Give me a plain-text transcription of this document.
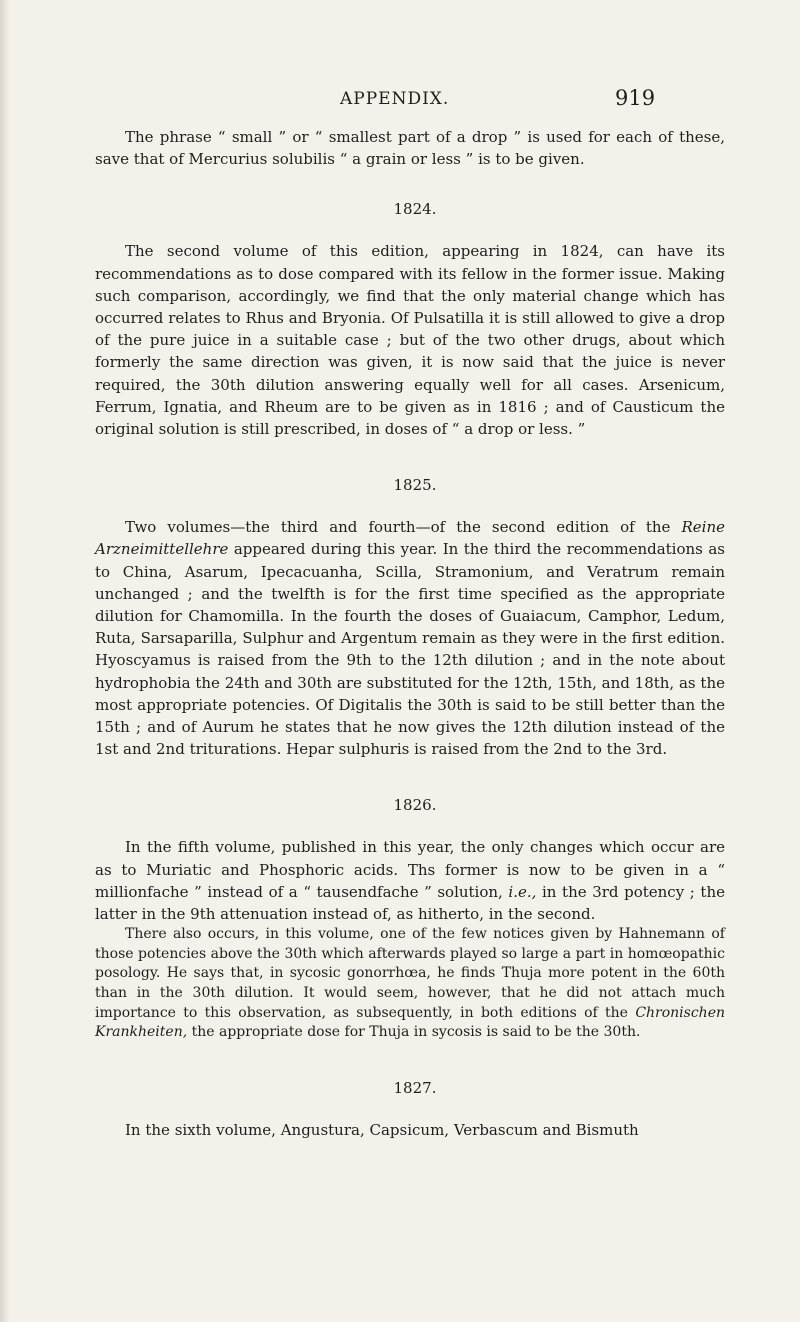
APPENDIX.	919

The phrase “ small ” or “ smallest part of a drop ” is used for each of these, save that of Mercurius solubilis “ a grain or less ” is to be given.

1824.

The second volume of this edition, appearing in 1824, can have its recommendations as to dose compared with its fellow in the former issue. Making such comparison, accordingly, we find that the only material change which has occurred relates to Rhus and Bryonia. Of Pulsatilla it is still allowed to give a drop of the pure juice in a suitable case ; but of the two other drugs, about which formerly the same direction was given, it is now said that the juice is never required, the 30th dilution answering equally well for all cases. Arsenicum, Ferrum, Ignatia, and Rheum are to be given as in 1816 ; and of Causticum the original solution is still prescribed, in doses of “ a drop or less. ”

1825.

Two volumes—the third and fourth—of the second edition of the Reine Arzneimittellehre appeared during this year. In the third the recommendations as to China, Asarum, Ipecacuanha, Scilla, Stramonium, and Veratrum remain unchanged ; and the twelfth is for the first time specified as the appropriate dilution for Chamomilla. In the fourth the doses of Guaiacum, Camphor, Ledum, Ruta, Sarsaparilla, Sulphur and Argentum remain as they were in the first edition. Hyoscyamus is raised from the 9th to the 12th dilution ; and in the note about hydrophobia the 24th and 30th are substituted for the 12th, 15th, and 18th, as the most appropriate potencies. Of Digitalis the 30th is said to be still better than the 15th ; and of Aurum he states that he now gives the 12th dilution instead of the 1st and 2nd triturations. Hepar sulphuris is raised from the 2nd to the 3rd.

1826.

In the fifth volume, published in this year, the only changes which occur are as to Muriatic and Phosphoric acids. Ths former is now to be given in a “ millionfache ” instead of a “ tausendfache ” solution, i.e., in the 3rd potency ; the latter in the 9th attenuation instead of, as hitherto, in the second.

There also occurs, in this volume, one of the few notices given by Hahnemann of those potencies above the 30th which afterwards played so large a part in homœopathic posology. He says that, in sycosic gonorrhœa, he finds Thuja more potent in the 60th than in the 30th dilution. It would seem, however, that he did not attach much importance to this observation, as subsequently, in both editions of the Chronischen Krankheiten, the appropriate dose for Thuja in sycosis is said to be the 30th.

1827.

In the sixth volume, Angustura, Capsicum, Verbascum and Bismuth
